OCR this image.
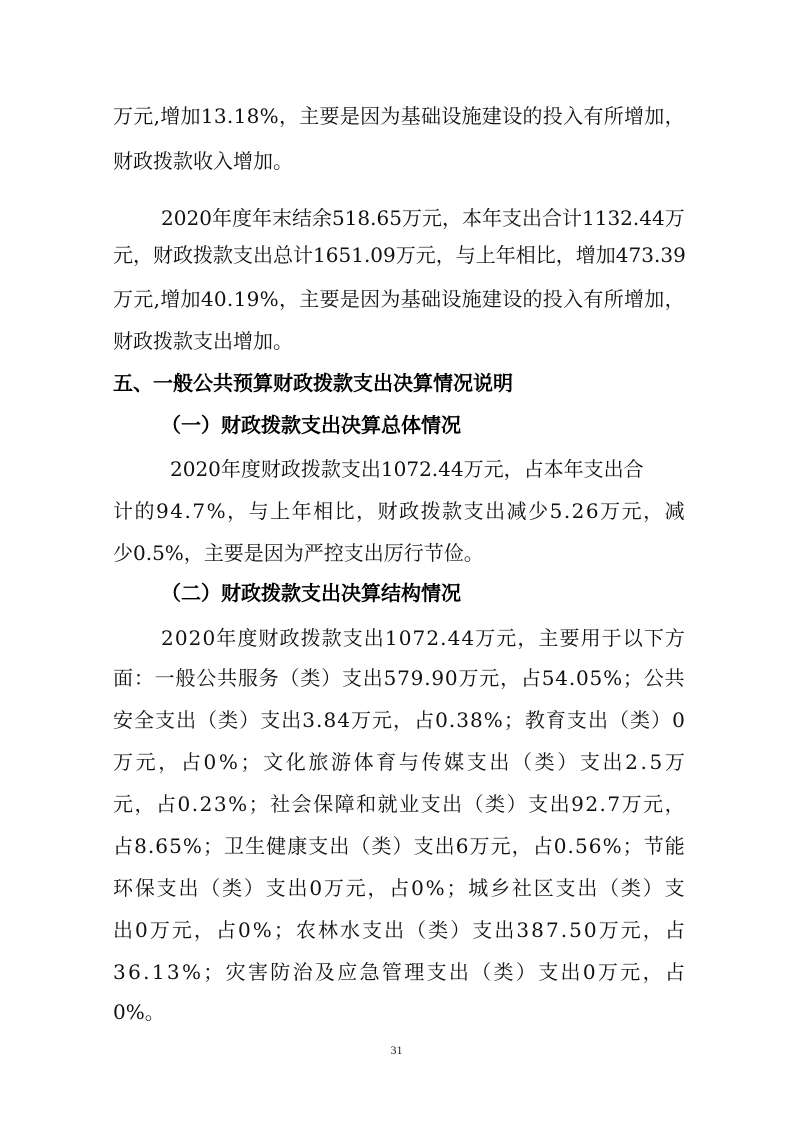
万 元 , 增 加 1 3 . 1 8 % ， 主 要 是 因 为 基 础 设 施 建 设 的 投 入 有 所 增 加 ，
财政拨款收入增加。
2 0 2 0 年 度 年 末 结 余 5 1 8 . 6 5 万 元 ， 本 年 支 出 合 计 1 1 3 2 . 4 4 万
元 ， 财 政 拨 款 支 出 总 计 1 6 5 1 . 0 9 万 元 ， 与 上 年 相 比 ， 增 加 4 7 3 . 3 9
万 元 , 增 加 4 0 . 1 9 % ， 主 要 是 因 为 基 础 设 施 建 设 的 投 入 有 所 增 加 ，
财政拨款支出增加。
五、一般公共预算财政拨款支出决算情况说明
（一）财政拨款支出决算总体情况
2020年度财政拨款支出1072.44万元，占本年支出合
计 的 9 4 . 7 % ， 与 上 年 相 比 ， 财 政 拨 款 支 出 减 少 5 . 2 6 万 元 ， 减
少0.5%，主要是因为严控支出厉行节俭。
（二）财政拨款支出决算结构情况
2 0 2 0 年 度 财 政 拨 款 支 出 1 0 7 2 . 4 4 万 元 ， 主 要 用 于 以 下 方
面 ： 一 般 公 共 服 务 （ 类 ） 支 出 5 7 9 . 9 0 万 元 ， 占 5 4 . 0 5 % ； 公 共
安 全 支 出 （ 类 ） 支 出 3 . 8 4 万 元 ， 占 0 . 3 8 % ； 教 育 支 出 （ 类 ） 0
万 元 ， 占 0 % ； 文 化 旅 游 体 育 与 传 媒 支 出 （ 类 ） 支 出 2 . 5 万
元 ， 占 0 . 2 3 % ； 社 会 保 障 和 就 业 支 出 （ 类 ） 支 出 9 2 . 7 万 元 ，
占 8 . 6 5 % ； 卫 生 健 康 支 出 （ 类 ） 支 出 6 万 元 ， 占 0 . 5 6 % ； 节 能
环 保 支 出 （ 类 ） 支 出 0 万 元 ， 占 0 % ； 城 乡 社 区 支 出 （ 类 ） 支
出 0 万 元 ， 占 0 % ； 农 林 水 支 出 （ 类 ） 支 出 3 8 7 . 5 0 万 元 ， 占
3 6 . 1 3 % ； 灾 害 防 治 及 应 急 管 理 支 出 （ 类 ） 支 出 0 万 元 ， 占
0%。
31
